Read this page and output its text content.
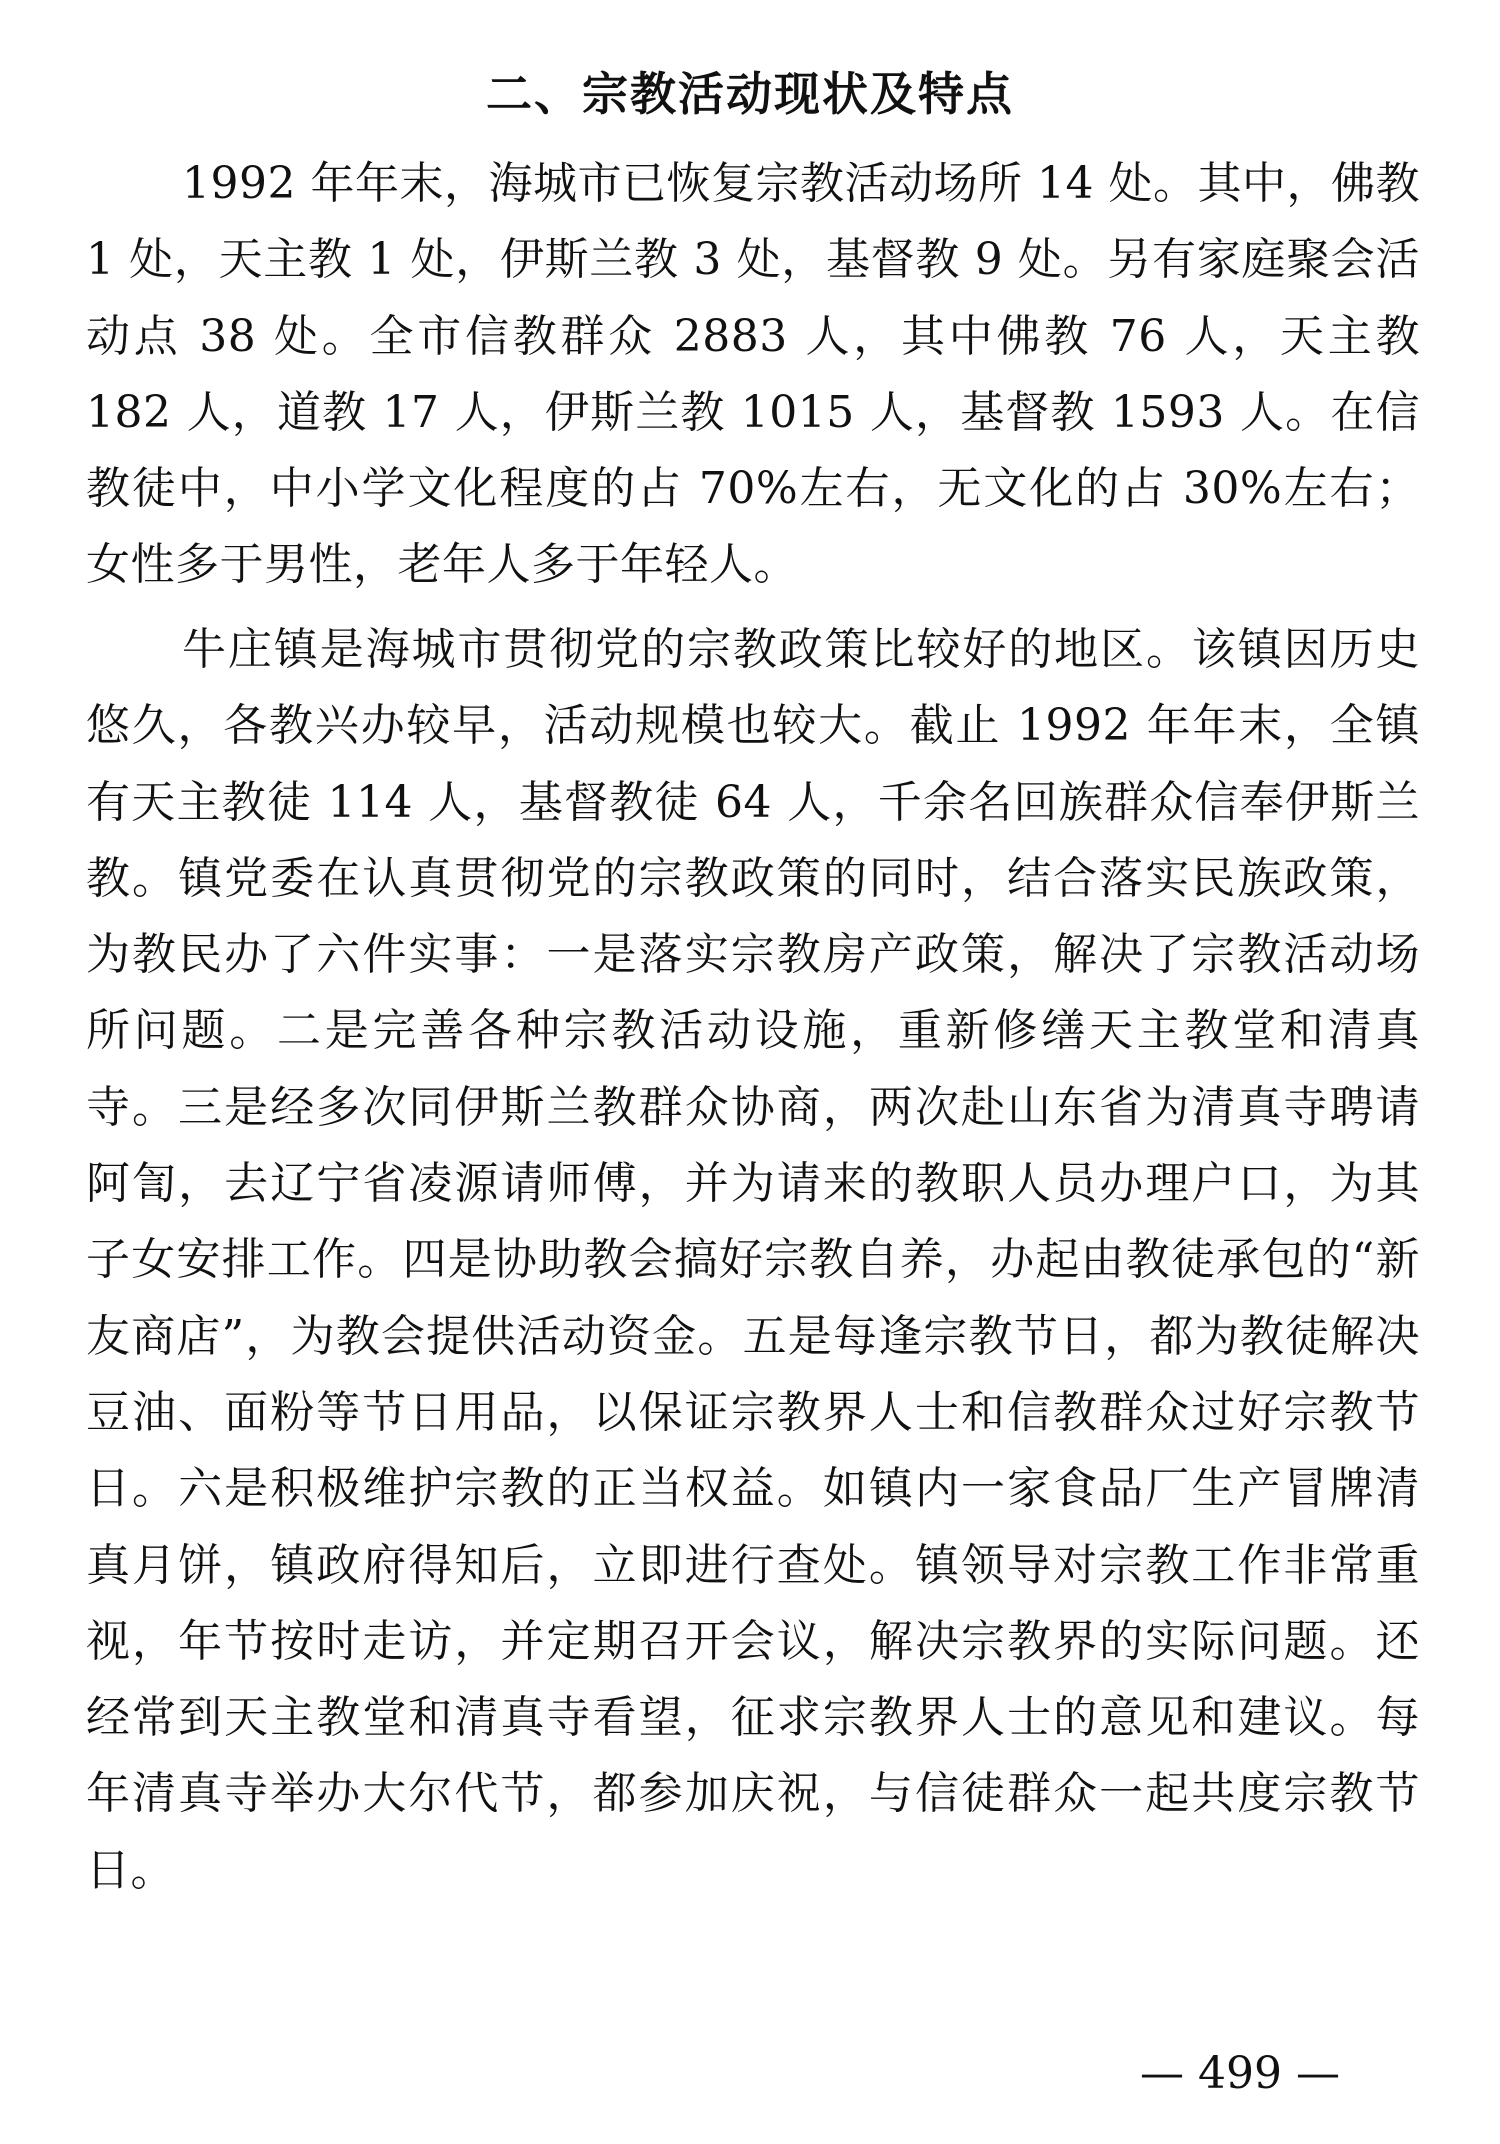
二、宗教活动现状及特点

1992 年年末，海城市已恢复宗教活动场所 14 处。其中，佛教 1 处，天主教 1 处，伊斯兰教 3 处，基督教 9 处。另有家庭聚会活动点 38 处。全市信教群众 2883 人，其中佛教 76 人，天主教 182 人，道教 17 人，伊斯兰教 1015 人，基督教 1593 人。在信教徒中，中小学文化程度的占 70%左右，无文化的占 30%左右；女性多于男性，老年人多于年轻人。

牛庄镇是海城市贯彻党的宗教政策比较好的地区。该镇因历史悠久，各教兴办较早，活动规模也较大。截止 1992 年年末，全镇有天主教徒 114 人，基督教徒 64 人，千余名回族群众信奉伊斯兰教。镇党委在认真贯彻党的宗教政策的同时，结合落实民族政策，为教民办了六件实事：一是落实宗教房产政策，解决了宗教活动场所问题。二是完善各种宗教活动设施，重新修缮天主教堂和清真寺。三是经多次同伊斯兰教群众协商，两次赴山东省为清真寺聘请阿訇，去辽宁省凌源请师傅，并为请来的教职人员办理户口，为其子女安排工作。四是协助教会搞好宗教自养，办起由教徒承包的“新友商店”，为教会提供活动资金。五是每逢宗教节日，都为教徒解决豆油、面粉等节日用品，以保证宗教界人士和信教群众过好宗教节日。六是积极维护宗教的正当权益。如镇内一家食品厂生产冒牌清真月饼，镇政府得知后，立即进行查处。镇领导对宗教工作非常重视，年节按时走访，并定期召开会议，解决宗教界的实际问题。还经常到天主教堂和清真寺看望，征求宗教界人士的意见和建议。每年清真寺举办大尔代节，都参加庆祝，与信徒群众一起共度宗教节日。

— 499 —
